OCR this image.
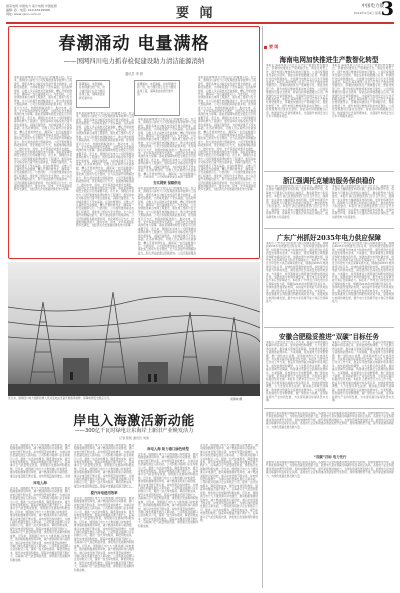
国家电网 中国电力 南方电网 中国能源
编辑: 孙 · 电话: 010-63416588
网址: www.cpnn.com.cn	要 闻	中国电力报
2024年9月4日 星期三
3
春潮涌动 电量满格
——国网四川电力抓春检促建设助力清洁能源消纳
通讯员 李 晨
春检是保障电网安全稳定运行的重要手段。连日来，国网四川省电力公司统筹推进春季检修与工程建设，组织各单位对输变电设备开展全面排查，消除设备隐患，为迎峰度夏打下坚实基础。在各检修现场，运维人员认真核对设备参数，精心开展检修作业，确保每一台设备健康运行。与此同时，公司加快推进重点电网工程建设，强化施工组织与安全管控，全力以赴提升电网输送能力，助力清洁能源大规模消纳。公司还积极服务新能源并网，优化调度运行方式，挖掘电网输送潜力，推动水电、风电、光伏等清洁能源多发满发，为经济社会发展提供绿色电力保障。春检是保障电网安全稳定运行的重要手段。连日来，国网四川省电力公司统筹推进春季检修与工程建设，组织各单位对输变电设备开展全面排查，消除设备隐患，为迎峰度夏打下坚实基础。在各检修现场，运维人员认真核对设备参数，精心开展检修作业，确保每一台设备健康运行。与此同时，公司加快推进重点电网工程建设，强化施工组织与安全管控，全力以赴提升电网输送能力，助力清洁能源大规模消纳。公司还积极服务新能源并网，优化调度运行方式，挖掘电网输送潜力，推动水电、风电、光伏等清洁能源多发满发，为经济社会发展提供绿色电力保障。春检是保障电网安全稳定运行的重要手段。连日来，国网四川省电力公司统筹推进春季检修与工程建设，组织各单位对输变电设备开展全面排查，消除设备隐患，为迎峰度夏打下坚实基础。在各检修现场，运维人员认真核对设备参数，精心开展检修作业，确保每一台设备健康运行。与此同时，公司加快推进重点电网工程建设，强化施工组织与安全管控，全力以赴提升电网输送能力，助力清洁能源大规模消纳。公司还积极服务新能源并网，优化调度运行方式，挖掘电网输送潜力，推动水电、风电、光伏等清洁能源多发满发，为经济社会发展提供绿色电力保障。
春潮涌动，电量满格。在电网建设的一线，电力建设者正在全力推进各项工程，保障清洁能源可靠外送。
春检是保障电网安全稳定运行的重要手段。连日来，国网四川省电力公司统筹推进春季检修与工程建设，组织各单位对输变电设备开展全面排查，消除设备隐患，为迎峰度夏打下坚实基础。在各检修现场，运维人员认真核对设备参数，精心开展检修作业，确保每一台设备健康运行。与此同时，公司加快推进重点电网工程建设，强化施工组织与安全管控，全力以赴提升电网输送能力，助力清洁能源大规模消纳。公司还积极服务新能源并网，优化调度运行方式，挖掘电网输送潜力，推动水电、风电、光伏等清洁能源多发满发，为经济社会发展提供绿色电力保障。春检是保障电网安全稳定运行的重要手段。连日来，国网四川省电力公司统筹推进春季检修与工程建设，组织各单位对输变电设备开展全面排查，消除设备隐患，为迎峰度夏打下坚实基础。在各检修现场，运维人员认真核对设备参数，精心开展检修作业，确保每一台设备健康运行。与此同时，公司加快推进重点电网工程建设，强化施工组织与安全管控，全力以赴提升电网输送能力，助力清洁能源大规模消纳。公司还积极服务新能源并网，优化调度运行方式，挖掘电网输送潜力，推动水电、风电、光伏等清洁能源多发满发，为经济社会发展提供绿色电力保障。春检是保障电网安全稳定运行的重要手段。连日来，国网四川省电力公司统筹推进春季检修与工程建设，组织各单位对输变电设备开展全面排查，消除设备隐患，为迎峰度夏打下坚实基础。在各检修现场，运维人员认真核对设备参数，精心开展检修作业，确保每一台设备健康运行。与此同时，公司加快推进重点电网工程建设，强化施工组织与安全管控，全力以赴提升电网输送能力，助力清洁能源大规模消纳。公司还积极服务新能源并网，优化调度运行方式，挖掘电网输送潜力，推动水电、风电、光伏等清洁能源多发满发，为经济社会发展提供绿色电力保障。
春潮涌动，电量满格。在电网建设的一线，电力建设者正在全力推进各项工程，保障清洁能源可靠外送。
春检是保障电网安全稳定运行的重要手段。连日来，国网四川省电力公司统筹推进春季检修与工程建设，组织各单位对输变电设备开展全面排查，消除设备隐患，为迎峰度夏打下坚实基础。在各检修现场，运维人员认真核对设备参数，精心开展检修作业，确保每一台设备健康运行。与此同时，公司加快推进重点电网工程建设，强化施工组织与安全管控，全力以赴提升电网输送能力，助力清洁能源大规模消纳。公司还积极服务新能源并网，优化调度运行方式，挖掘电网输送潜力，推动水电、风电、光伏等清洁能源多发满发，为经济社会发展提供绿色电力保障。春检是保障电网安全稳定运行的重要手段。连日来，国网四川省电力公司统筹推进春季检修与工程建设，组织各单位对输变电设备开展全面排查，消除设备隐患，为迎峰度夏打下坚实基础。在各检修现场，运维人员认真核对设备参数，精心开展检修作业，确保每一台设备健康运行。与此同时，公司加快推进重点电网工程建设，
夯实网架 保障供电
春检是保障电网安全稳定运行的重要手段。连日来，国网四川省电力公司统筹推进春季检修与工程建设，组织各单位对输变电设备开展全面排查，消除设备隐患，为迎峰度夏打下坚实基础。在各检修现场，运维人员认真核对设备参数，精心开展检修作业，确保每一台设备健康运行。与此同时，公司加快推进重点电网工程建设，强化施工组织与安全管控，全力以赴提升电网输送能力，助力清洁能源大规模消纳。公司还积极服务新能源并网，优化调度运行方式，挖掘电网输送潜力，推动水电、风电、光伏等清洁能源多发满发，为经济社会发展提供绿色电力保障。春检是保障电网安全稳定运行的重要手段。连日来，国网四川省电力公司统筹推进春季检修与工程建设，组织各单位对输变电设备开展全面排查，消除设备隐患，为迎峰度夏打下坚实基础。在各检修现场，运维人员认真核对设备参数，精心开展检修作业，确保每一台设备健康运行。与此同时，公司加快推进重点电网工程建设，强化施工组织与安全管控，全力以赴提升电网输送能力，助力清洁能源大规模消纳。公司还积极服务
春检是保障电网安全稳定运行的重要手段。连日来，国网四川省电力公司统筹推进春季检修与工程建设，组织各单位对输变电设备开展全面排查，消除设备隐患，为迎峰度夏打下坚实基础。在各检修现场，运维人员认真核对设备参数，精心开展检修作业，确保每一台设备健康运行。与此同时，公司加快推进重点电网工程建设，强化施工组织与安全管控，全力以赴提升电网输送能力，助力清洁能源大规模消纳。公司还积极服务新能源并网，优化调度运行方式，挖掘电网输送潜力，推动水电、风电、光伏等清洁能源多发满发，为经济社会发展提供绿色电力保障。春检是保障电网安全稳定运行的重要手段。连日来，国网四川省电力公司统筹推进春季检修与工程建设，组织各单位对输变电设备开展全面排查，消除设备隐患，为迎峰度夏打下坚实基础。在各检修现场，运维人员认真核对设备参数，精心开展检修作业，确保每一台设备健康运行。与此同时，公司加快推进重点电网工程建设，强化施工组织与安全管控，全力以赴提升电网输送能力，助力清洁能源大规模消纳。公司还积极服务新能源并网，优化调度运行方式，挖掘电网输送潜力，推动水电、风电、光伏等清洁能源多发满发，为经济社会发展提供绿色电力保障。春检是保障电网安全稳定运行的重要手段。连日来，国网四川省电力公司统筹推进春季检修与工程建设，组织各单位对输变电设备开展全面排查，消除设备隐患，为迎峰度夏打下坚实基础。在各检修现场，运维人员认真核对设备参数，精心开展检修作业，确保每一台设备健康运行。与此同时，公司加快推进重点电网工程建设，强化施工组织与安全管控，全力以赴提升电网输送能力，助力清洁能源大规模消纳。公司还积极服务新能源并网，优化调度运行方式，挖掘电网输送潜力，推动水电、风电、光伏等清洁能源多发满发，为经济社会发展提供绿色电力保障。
连日来，国网四川电力组织检修人员对变电站设备开展春季检修，保障电网安全稳定运行。	何锦林 摄
岸电入海激活新动能
——300亿千瓦时绿电让东海岸上新旧产业焕发活力
记者 陈凯 通讯员 刘睿
近年来，国网浙江电力大力推进港口岸电建设，推动船舶靠港使用岸电，减少燃油消耗和污染排放。港口岸电设施不断完善，岸电使用量持续增长，为港口绿色低碳发展注入新动能。公司积极对接港口企业和航运公司，提供一站式岸电服务，降低用电成本，提升岸电使用积极性。随着岸电覆盖范围不断扩大，沿海港口空气质量明显改善，绿色航运发展取得积极成效。近年来，国网浙江电力大力推进港口岸电建设，推动船舶靠港使用岸电，减少燃油消耗和污染排放。港口岸电设施不断完善，岸电使用量持续增长，为港
岸电入海
近年来，国网浙江电力大力推进港口岸电建设，推动船舶靠港使用岸电，减少燃油消耗和污染排放。港口岸电设施不断完善，岸电使用量持续增长，为港口绿色低碳发展注入新动能。公司积极对接港口企业和航运公司，提供一站式岸电服务，降低用电成本，提升岸电使用积极性。随着岸电覆盖范围不断扩大，沿海港口空气质量明显改善，绿色航运发展取得积极成效。近年来，国网浙江电力大力推进港口岸电建设，推动船舶靠港使用岸电，减少燃油消耗和污染排放。港口岸电设施不断完善，岸电使用量持续增长，为港口绿色低碳发展注入新动能。公司积极对接港口企业和航运公司，提供一站式岸电服务，降低用电成本，提升岸电使用积极性。随着岸电覆盖范围不断扩大，沿海港口空气质量明显改善，绿色航运发展取得积极成效。近年来，国网浙江电力大力推进港口岸电建设，推动船舶靠港使用岸电，减少燃油消耗和污染排放。港口岸电设施不断完善，岸电使用量持续增长，为港口绿色低碳发展注入新动能。公司积极对接港口企业和航运公司，提供一站式岸电服务，降低用电成本，提升岸电使用积极性。随着岸电覆盖范围不断扩大，沿海港口空气质量明显改善，绿色航运发展取得积极成效。
近年来，国网浙江电力大力推进港口岸电建设，推动船舶靠港使用岸电，减少燃油消耗和污染排放。港口岸电设施不断完善，岸电使用量持续增长，为港口绿色低碳发展注入新动能。公司积极对接港口企业和航运公司，提供一站式岸电服务，降低用电成本，提升岸电使用积极性。随着岸电覆盖范围不断扩大，沿海港口空气质量明显改善，绿色航运发展取得积极成效。近年来，国网浙江电力大力推进港口岸电建设，推动船舶靠港使用岸电，减少燃油消耗和污染排放。港口岸电设施不断完善，岸电使用量持续增长，为港口绿色低碳发展注入新动能。公司积极对接港口企业和航运公司，提供一站式岸电服务，降低用电成本，提升岸电使用积极性。随着岸电覆盖范围不断扩大，
提升岸电使用效率
近年来，国网浙江电力大力推进港口岸电建设，推动船舶靠港使用岸电，减少燃油消耗和污染排放。港口岸电设施不断完善，岸电使用量持续增长，为港口绿色低碳发展注入新动能。公司积极对接港口企业和航运公司，提供一站式岸电服务，降低用电成本，提升岸电使用积极性。随着岸电覆盖范围不断扩大，沿海港口空气质量明显改善，绿色航运发展取得积极成效。近年来，国网浙江电力大力推进港口岸电建设，推动船舶靠港使用岸电，减少燃油消耗和污染排放。港口岸电设施不断完善，岸电使用量持续增长，为港口绿色低碳发展注入新动能。公司积极对接港口企业和航运公司，提供一站式岸电服务，降低用电成本，提升岸电使用积极性。随着岸电覆盖范围不断扩大，沿海港口空气质量明显改善，绿色航运发展取得积极成效。近年来，国网浙江电力大力推进港口岸电建设，推动船舶靠港使用岸电，减少燃油消耗和污染排放。港口岸电设施不断完善，岸电使用量持续增长，为港口绿色低碳发展注入新动能。公司积极对接港口企业和航运公司，提供一站式岸电服务，降低用电成本，提升岸电使用积极性。随着岸电覆盖范围不断扩大，沿海港口空气质量明显改善，绿色航运发展取得积极成效。
岸电入海 助力港口绿色转型
近年来，国网浙江电力大力推进港口岸电建设，推动船舶靠港使用岸电，减少燃油消耗和污染排放。港口岸电设施不断完善，岸电使用量持续增长，为港口绿色低碳发展注入新动能。公司积极对接港口企业和航运公司，提供一站式岸电服务，降低用电成本，提升岸电使用积极性。随着岸电覆盖范围不断扩大，沿海港口空气质量明显改善，绿色航运发展取得积极成效。近年来，国网浙江电力大力推进港口岸电建设，推动船舶靠港使用岸电，减少燃油消耗和污染排放。港口岸电设施不断完善，岸电使用量持续增长，为港口绿色低碳发展注入新动能。公司积极对接港口企业和航运公司，提供一站式岸电服务，降低用电成本，提升岸电使用积极性。随着岸电覆盖范围不断扩大，沿海港口空气质量明显改善，绿色航运发展取得积极成效。近年来，国网浙江电力大力推进港口岸电建设，推动船舶靠港使用岸电，减少燃油消耗和污染排放。港口岸电设施不断完善，岸电使用量持续增长，为港口绿色低碳发展注入新动能。公司积极对接港口企业和航运公司，提供一站式岸电服务，降低用电成本，提升岸电使用积极性。随着岸电覆盖范围不断扩大，沿海港口空气质量明显改善，绿色航运发展取得积极成效。
近年来，国网浙江电力大力推进港口岸电建设，推动船舶靠港使用岸电，减少燃油消耗和污染排放。港口岸电设施不断完善，岸电使用量持续增长，为港口绿色低碳发展注入新动能。公司积极对接港口企业和航运公司，提供一站式岸电服务，降低用电成本，提升岸电使用积极性。随着岸电覆盖范围不断扩大，沿海港口空气质量明显改善，绿色航运发展取得积极成效。近年来，国网浙江电力大力推进港口岸电建设，推动船舶靠港使用岸电，减少燃油消耗和污染排放。港口岸电设施不断完善，岸电使用量持续增长，为港口绿色低碳发展注入新动能。公司积极对接港口企业和航运公司，提供一站式岸电服务，降低用电成本，提升岸电使用积极性。随着岸电覆盖范围不断扩大，沿海港口空气质量明显改善，绿色航运发展取得积极成效。近年来，国网浙江电力大力推进港口岸电建设，推动船舶靠港使用岸电，减少燃油消耗和污染排放。港口岸电设施不断完善，岸电使用量持续增长，为港口绿色低碳发展注入新动能。公司积极对接港口企业和航运公司，提供一站式岸电服务，降低用电成本，提升岸电使用积极性。随着岸电覆盖范围不断扩大，沿海港口空气质量明显改善，绿色航运发展取得积极成效。
要 闻
海南电网加快推进生产数智化转型
本报讯 海南电网公司近日召开生产数智化转型推进会，部署加快推进生产领域数字化、智能化转型工作，提升电网运维效率和供电可靠性。公司将统筹推进设备状态感知、智能巡检和数据融合应用，构建现代化设备管理体系，全面提升电网安全运行水平和服务质量。本报讯 海南电网公司近日召开生产数智化转型推进会，部署加快推进生产领域数字化、智能化转型工作，提升电网运维效率和供电可靠性。公司将统筹推进设备状态感知、智能巡检和数据融合应用，构建现代化设备管理体系，全面提升电网安全运行水平和服务质量。本报讯 海南电网公司近日召开生产数智化转型推进会，部署加快推进生产领域数字化、智能化转型工作，提升电网运维效率和供电可靠性。公司将统筹推进设备状态感知、智能巡检和数据融合应用，构建现代化设备管理体系，全面提升电网安全运行水平和服务质量。
本报讯 海南电网公司近日召开生产数智化转型推进会，部署加快推进生产领域数字化、智能化转型工作，提升电网运维效率和供电可靠性。公司将统筹推进设备状态感知、智能巡检和数据融合应用，构建现代化设备管理体系，全面提升电网安全运行水平和服务质量。本报讯 海南电网公司近日召开生产数智化转型推进会，部署加快推进生产领域数字化、智能化转型工作，提升电网运维效率和供电可靠性。公司将统筹推进设备状态感知、智能巡检和数据融合应用，构建现代化设备管理体系，全面提升电网安全运行水平和服务质量。本报讯 海南电网公司近日召开生产数智化转型推进会，部署加快推进生产领域数字化、智能化转型工作，提升电网运维效率和供电可靠性。公司将统筹推进设备状态感知、智能巡检和数据融合应用，构建现代化设备管理体系，全面提升电网安全运行水平和服务质量。
浙江强调托克辅助服务保供稳价
本报讯 浙江能源监管部门近日召开会议，强调进一步完善电力辅助服务市场机制，发挥市场调节作用，保障电力可靠供应和价格总体稳定，推动新型电力系统建设。本报讯 浙江能源监管部门近日召开会议，强调进一步完善电力辅助服务市场机制，发挥市场调节作用，保障电力可靠供应和价格总体稳定，推动新型电力系统建设。本报讯 浙江能源监管部门近日召开会议，强调进一步完善电力辅助服务市场机制，发挥市场调节作用，保障电力可靠供应和价格总体稳定，推动新型电力系统建设。
本报讯 浙江能源监管部门近日召开会议，强调进一步完善电力辅助服务市场机制，发挥市场调节作用，保障电力可靠供应和价格总体稳定，推动新型电力系统建设。本报讯 浙江能源监管部门近日召开会议，强调进一步完善电力辅助服务市场机制，发挥市场调节作用，保障电力可靠供应和价格总体稳定，推动新型电力系统建设。本报讯 浙江能源监管部门近日召开会议，强调进一步完善电力辅助服务市场机制，发挥市场调节作用，保障电力可靠供应和价格总体稳定，推动新型电力系统建设。
广东广州抓好2035年电力供应保障
本报讯 广州市近日印发电力供应保障实施方案，明确到2035年电网建设目标任务，加快构建坚强智能电网，持续提升供电能力和供电质量，满足经济社会高质量发展用电需求。方案提出，将统筹推进主网架建设和配电网改造升级，加强电源与电网协调发展，提升电力系统调节能力和应急保障能力。本报讯 广州市近日印发电力供应保障实施方案，明确到2035年电网建设目标任务，加快构建坚强智能电网，持续提升供电能力和供电质量，满足经济社会高质量发展用电需求。方案提出，将统筹推进主网架建设和配电网改造升级，加强电源与电网协调发展，提升电力系统调节能力和应急保障能力。本报讯 广州市近日印发电力供应保障实施方案，明确到2035年电网建设目标任务，加快构建坚强智能电网，持续提升供电能力和供电质量，满足经济社会高质量发展用电需求。方案提出，将统筹推进主网架建设和配电网改造升级，加强电源与电网协调发展，提升电力系统调节能力和应急保障能力。
本报讯 广州市近日印发电力供应保障实施方案，明确到2035年电网建设目标任务，加快构建坚强智能电网，持续提升供电能力和供电质量，满足经济社会高质量发展用电需求。方案提出，将统筹推进主网架建设和配电网改造升级，加强电源与电网协调发展，提升电力系统调节能力和应急保障能力。本报讯 广州市近日印发电力供应保障实施方案，明确到2035年电网建设目标任务，加快构建坚强智能电网，持续提升供电能力和供电质量，满足经济社会高质量发展用电需求。方案提出，将统筹推进主网架建设和配电网改造升级，加强电源与电网协调发展，提升电力系统调节能力和应急保障能力。本报讯 广州市近日印发电力供应保障实施方案，明确到2035年电网建设目标任务，加快构建坚强智能电网，持续提升供电能力和供电质量，满足经济社会高质量发展用电需求。方案提出，将统筹推进主网架建设和配电网改造升级，加强电源与电网协调发展，提升电力系统调节能力和应急保障能力。
安徽合肥稳妥推进“双碳”目标任务
本报讯 合肥市近日出台工作方案，稳妥有序推进碳达峰碳中和各项任务，加快能源结构调整，大力发展可再生能源，推动重点领域节能降碳，构建清洁低碳安全高效的能源体系。方案明确，将加强电力需求侧管理，推广绿色电力消费，促进新能源与产业协同发展，为实现双碳目标提供坚实支撑。本报讯 合肥市近日出台工作方案，稳妥有序推进碳达峰碳中和各项任务，加快能源结构调整，大力发展可再生能源，推动重点领域节能降碳，构建清洁低碳安全高效的能源体系。方案明确，将加强电力需求侧管理，推广绿色电力消费，促进新能源与产业协同发展，为实现双碳目标提供坚实支撑。本报讯 合肥市近日出台工作方案，稳妥有序推进碳达峰碳中和各项任务，加快能源结构调整，大力发展可再生能源，推动重点领域节能降碳，构建清洁低碳安全高效的能源体系。方案明确，将加强电力需求侧管理，推广绿色电力消费，促进新能源与产业协同发展，为实现双碳目标提供坚实支撑。
本报讯 合肥市近日出台工作方案，稳妥有序推进碳达峰碳中和各项任务，加快能源结构调整，大力发展可再生能源，推动重点领域节能降碳，构建清洁低碳安全高效的能源体系。方案明确，将加强电力需求侧管理，推广绿色电力消费，促进新能源与产业协同发展，为实现双碳目标提供坚实支撑。本报讯 合肥市近日出台工作方案，稳妥有序推进碳达峰碳中和各项任务，加快能源结构调整，大力发展可再生能源，推动重点领域节能降碳，构建清洁低碳安全高效的能源体系。方案明确，将加强电力需求侧管理，推广绿色电力消费，促进新能源与产业协同发展，为实现双碳目标提供坚实支撑。本报讯 合肥市近日出台工作方案，稳妥有序推进碳达峰碳中和各项任务，加快能源结构调整，大力发展可再生能源，推动重点领域节能降碳，构建清洁低碳安全高效的能源体系。方案明确，将加强电力需求侧管理，推广绿色电力消费，促进新能源与产业协同发展，为实现双碳目标提供坚实支撑。
能源电力是实现碳达峰碳中和目标的主战场。各级电力企业积极推动清洁能源开发利用，加快电网转型升级，提升新能源消纳能力，为绿色低碳发展贡献力量。能源电力是实现碳达峰碳中和目标的主战场。各级电力企业积极推动清洁能源开发利用，加快电网转型升级，提升新能源消纳能力，为绿色低碳发展贡献力量。能源电力是实现碳达峰碳中和目标的主战场。各级电力企业积极推动清洁能源开发利用，加快电网转型升级，提升新能源消纳能力，为绿色低碳发展贡献力量。
“双碳”目标 电力先行
能源电力是实现碳达峰碳中和目标的主战场。各级电力企业积极推动清洁能源开发利用，加快电网转型升级，提升新能源消纳能力，为绿色低碳发展贡献力量。能源电力是实现碳达峰碳中和目标的主战场。各级电力企业积极推动清洁能源开发利用，加快电网转型升级，提升新能源消纳能力，为绿色低碳发展贡献力量。能源电力是实现碳达峰碳中和目标的主战场。各级电力企业积极推动清洁能源开发利用，加快电网转型升级，提升新能源消纳能力，为绿色低碳发展贡献力量。
